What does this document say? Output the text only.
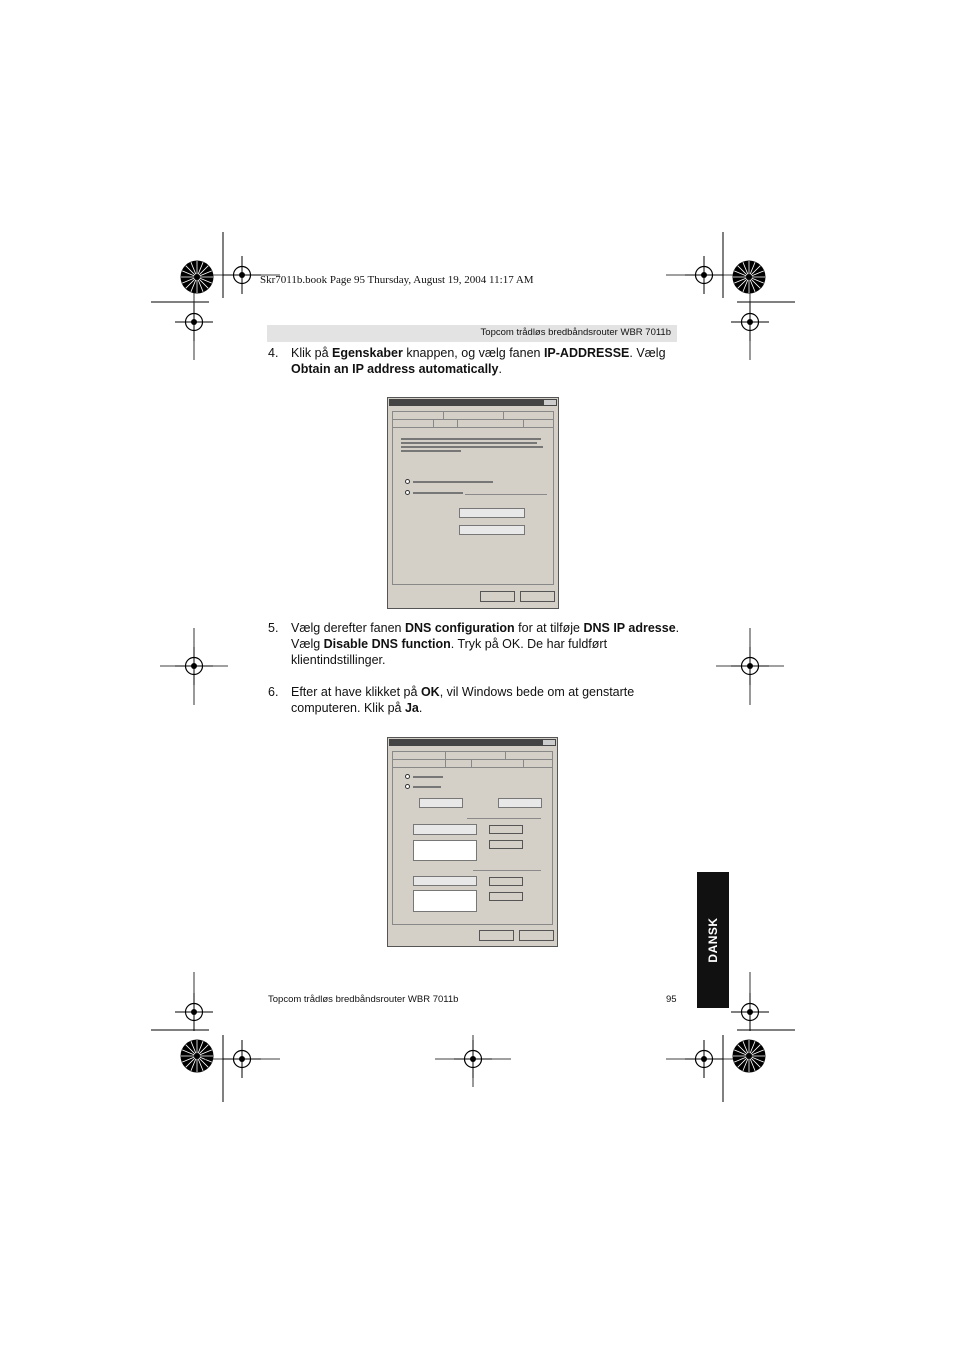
Skr7011b.book Page 95 Thursday, August 19, 2004 11:17 AM
Topcom trådløs bredbåndsrouter WBR 7011b
4. Klik på Egenskaber knappen, og vælg fanen IP-ADDRESSE. Vælg Obtain an IP address automatically.
5. Vælg derefter fanen DNS configuration for at tilføje DNS IP adresse. Vælg Disable DNS function. Tryk på OK. De har fuldført klientindstillinger.
6. Efter at have klikket på OK, vil Windows bede om at genstarte computeren. Klik på Ja.
DANSK
Topcom trådløs bredbåndsrouter WBR 7011b	95
